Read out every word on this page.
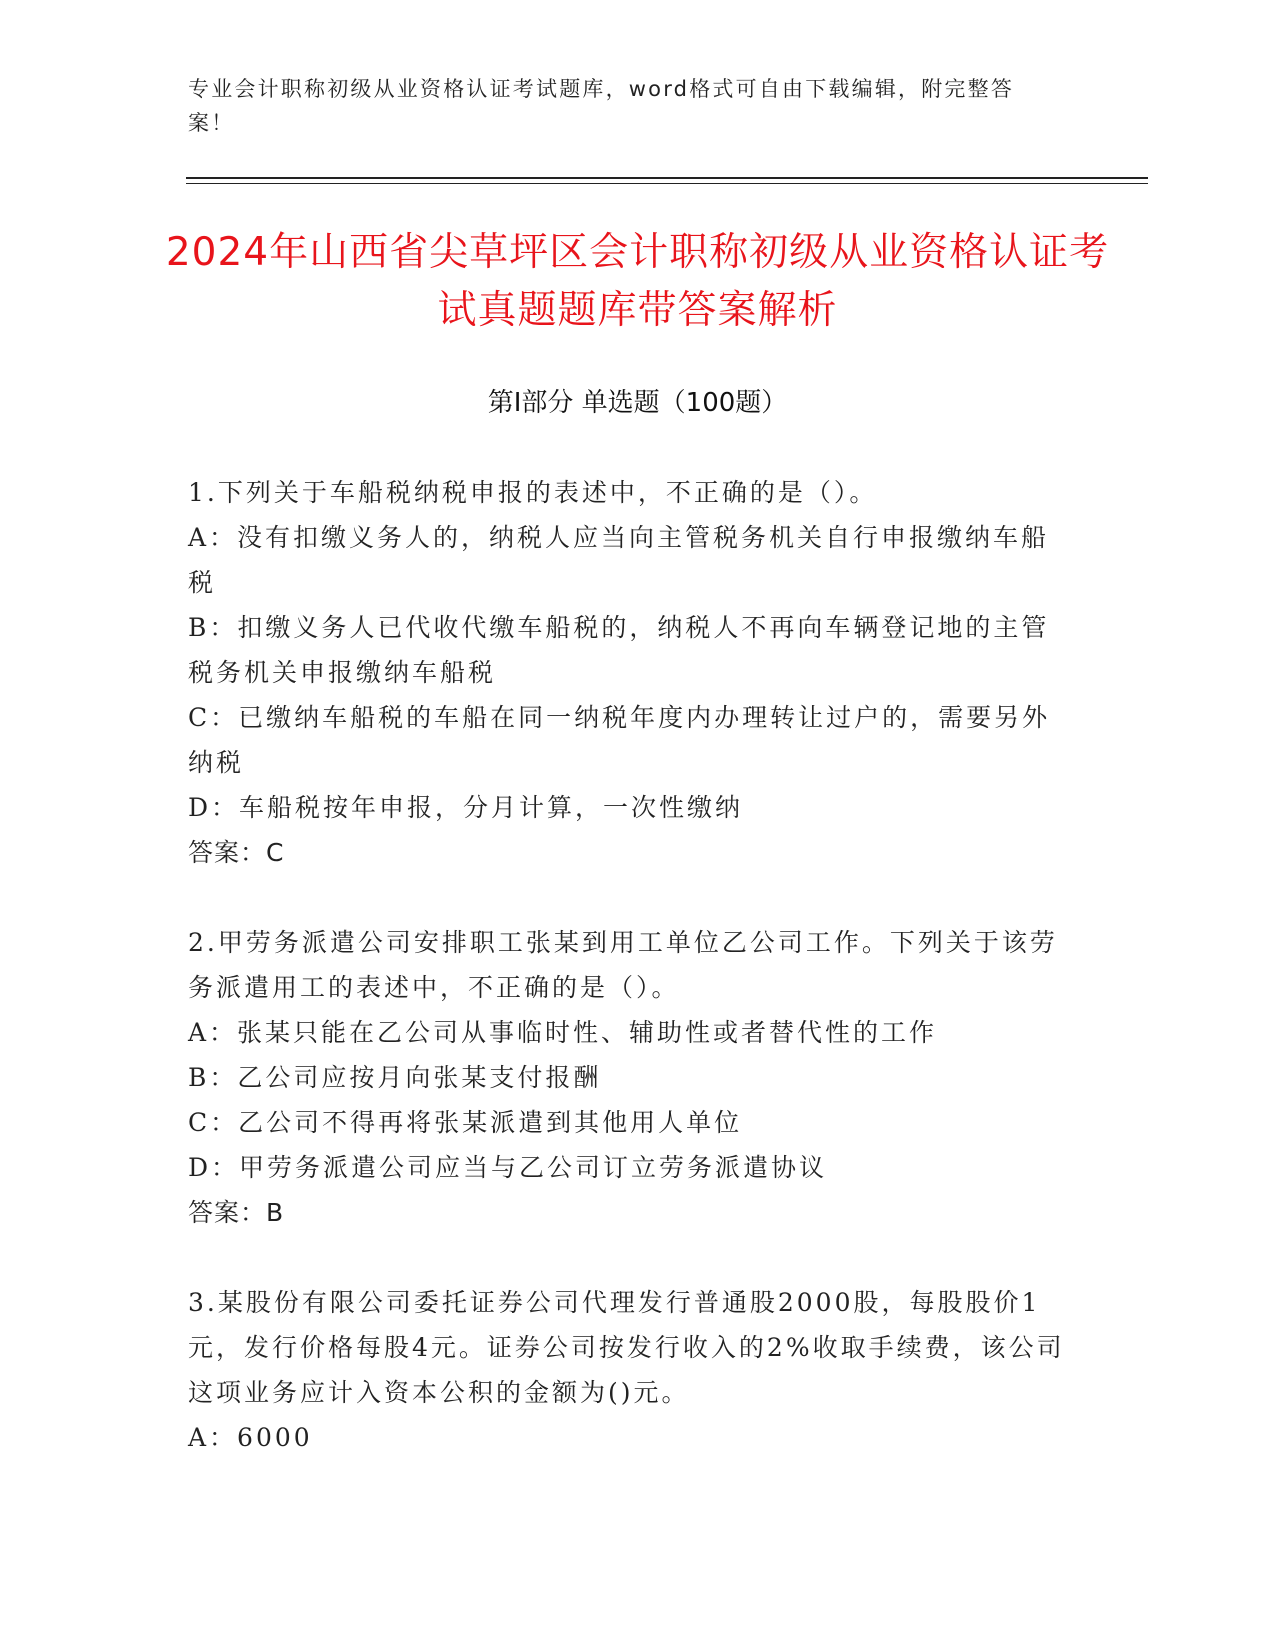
专业会计职称初级从业资格认证考试题库，word格式可自由下载编辑，附完整答案！
2024年山西省尖草坪区会计职称初级从业资格认证考试真题题库带答案解析
第Ⅰ部分 单选题（100题）

1.下列关于车船税纳税申报的表述中，不正确的是（）。

A：没有扣缴义务人的，纳税人应当向主管税务机关自行申报缴纳车船税

B：扣缴义务人已代收代缴车船税的，纳税人不再向车辆登记地的主管税务机关申报缴纳车船税

C：已缴纳车船税的车船在同一纳税年度内办理转让过户的，需要另外纳税

D：车船税按年申报，分月计算，一次性缴纳

答案：C

2.甲劳务派遣公司安排职工张某到用工单位乙公司工作。下列关于该劳务派遣用工的表述中，不正确的是（）。

A：张某只能在乙公司从事临时性、辅助性或者替代性的工作

B：乙公司应按月向张某支付报酬

C：乙公司不得再将张某派遣到其他用人单位

D：甲劳务派遣公司应当与乙公司订立劳务派遣协议

答案：B

3.某股份有限公司委托证券公司代理发行普通股2000股，每股股价1元，发行价格每股4元。证券公司按发行收入的2%收取手续费，该公司这项业务应计入资本公积的金额为()元。

A：6000
